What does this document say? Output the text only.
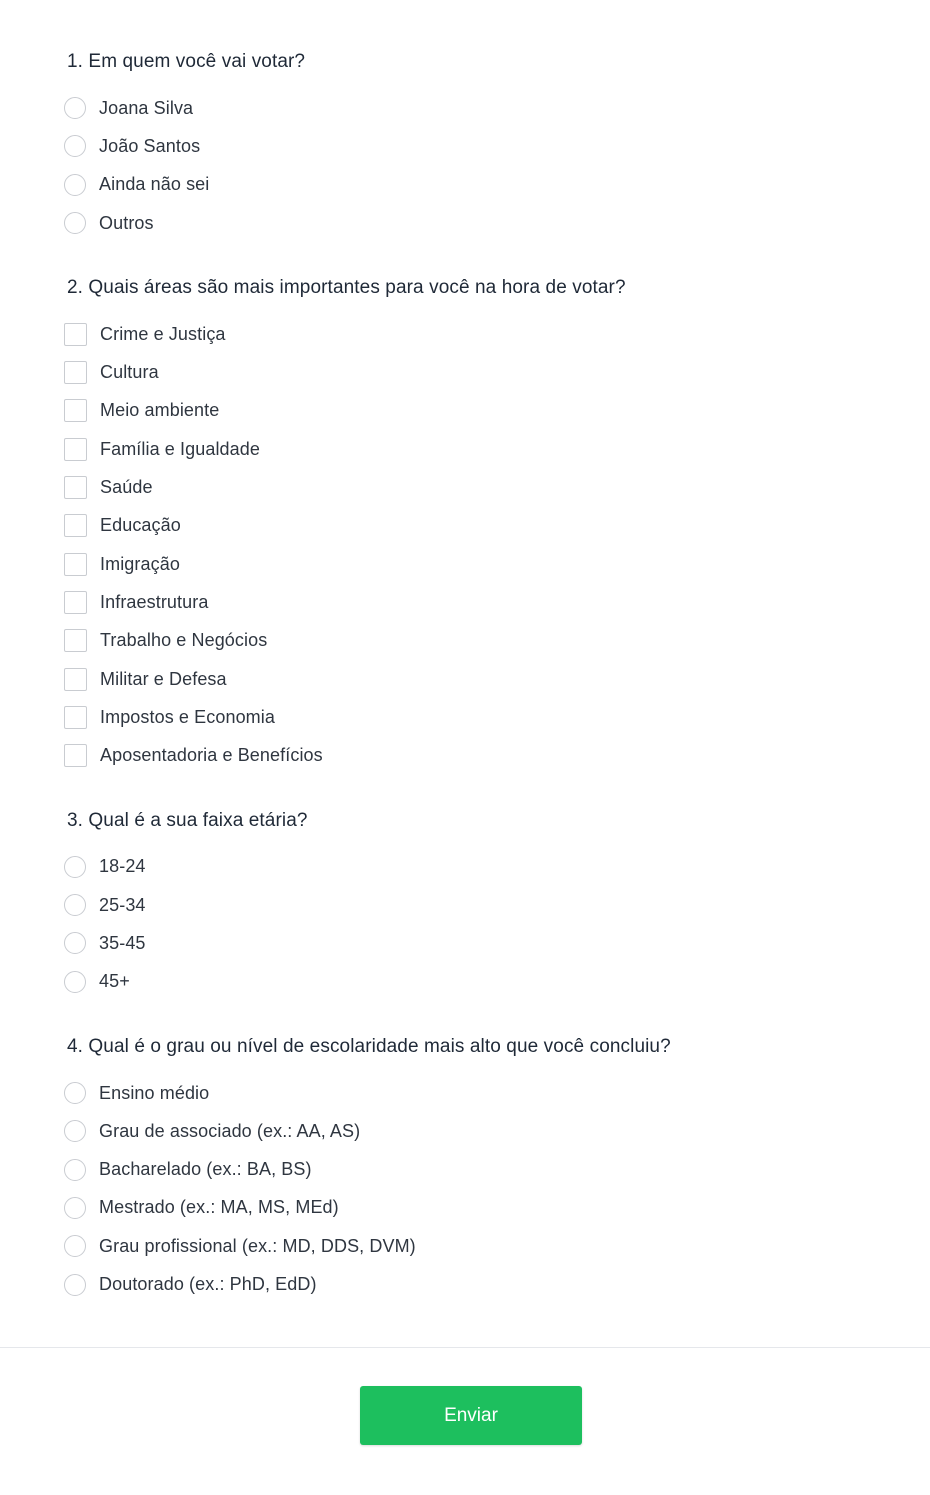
1. Em quem você vai votar?
Joana Silva
João Santos
Ainda não sei
Outros
2. Quais áreas são mais importantes para você na hora de votar?
Crime e Justiça
Cultura
Meio ambiente
Família e Igualdade
Saúde
Educação
Imigração
Infraestrutura
Trabalho e Negócios
Militar e Defesa
Impostos e Economia
Aposentadoria e Benefícios
3. Qual é a sua faixa etária?
18-24
25-34
35-45
45+
4. Qual é o grau ou nível de escolaridade mais alto que você concluiu?
Ensino médio
Grau de associado (ex.: AA, AS)
Bacharelado (ex.: BA, BS)
Mestrado (ex.: MA, MS, MEd)
Grau profissional (ex.: MD, DDS, DVM)
Doutorado (ex.: PhD, EdD)
Enviar
